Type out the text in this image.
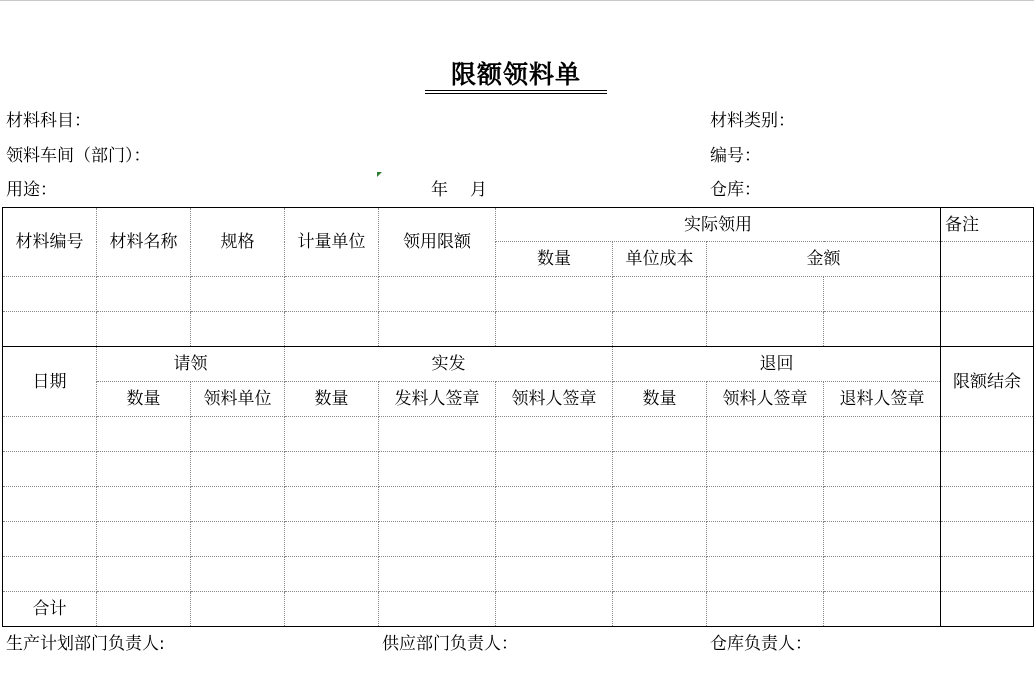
限额领料单
材料科目：	材料类别：
领料车间（部门）：	编号：
用途：	年 月	仓库：
材料编号	材料名称	规格	计量单位	领用限额	实际领用				备注
					数量	单位成本	金额		

日期	请领		实发			退回			限额结余
	数量	领料单位	数量	发料人签章	领料人签章	数量	领料人签章	退料人签章	

合计									
生产计划部门负责人:	供应部门负责人：	仓库负责人：
